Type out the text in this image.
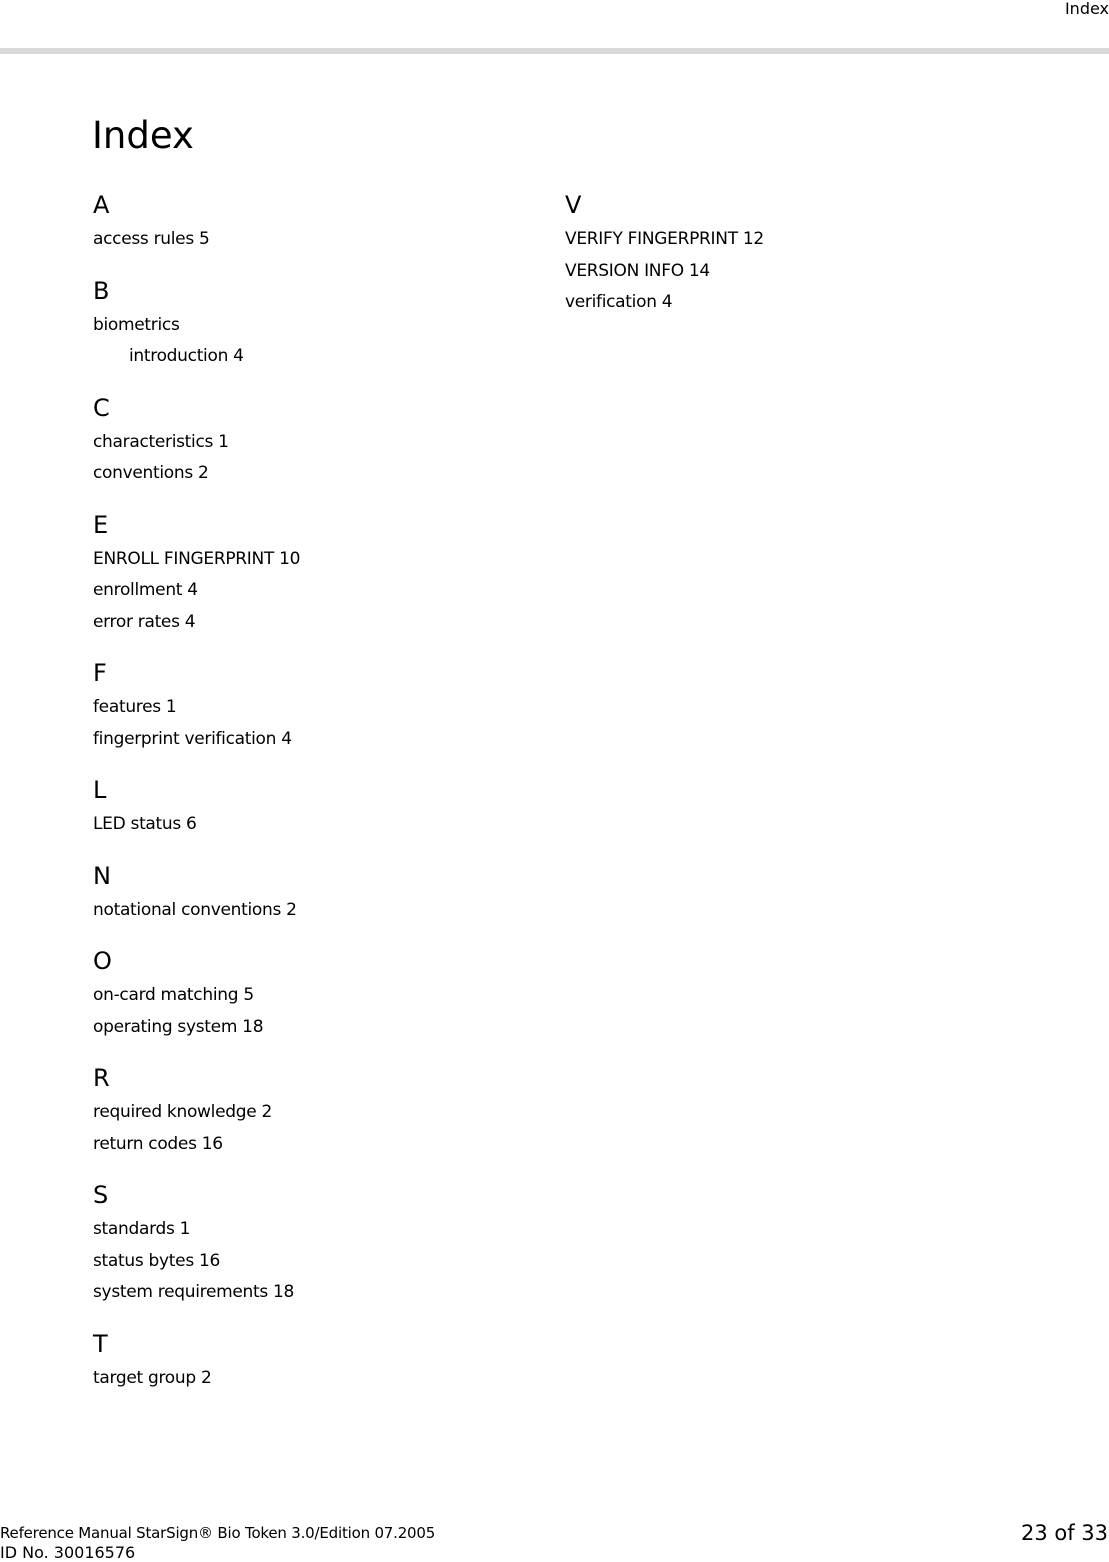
Index
Index
A
access rules 5
B
biometrics
introduction 4
C
characteristics 1
conventions 2
E
ENROLL FINGERPRINT 10
enrollment 4
error rates 4
F
features 1
fingerprint verification 4
L
LED status 6
N
notational conventions 2
O
on-card matching 5
operating system 18
R
required knowledge 2
return codes 16
S
standards 1
status bytes 16
system requirements 18
T
target group 2
V
VERIFY FINGERPRINT 12
VERSION INFO 14
verification 4
Reference Manual StarSign® Bio Token 3.0/Edition 07.2005
ID No. 30016576
23 of 33
